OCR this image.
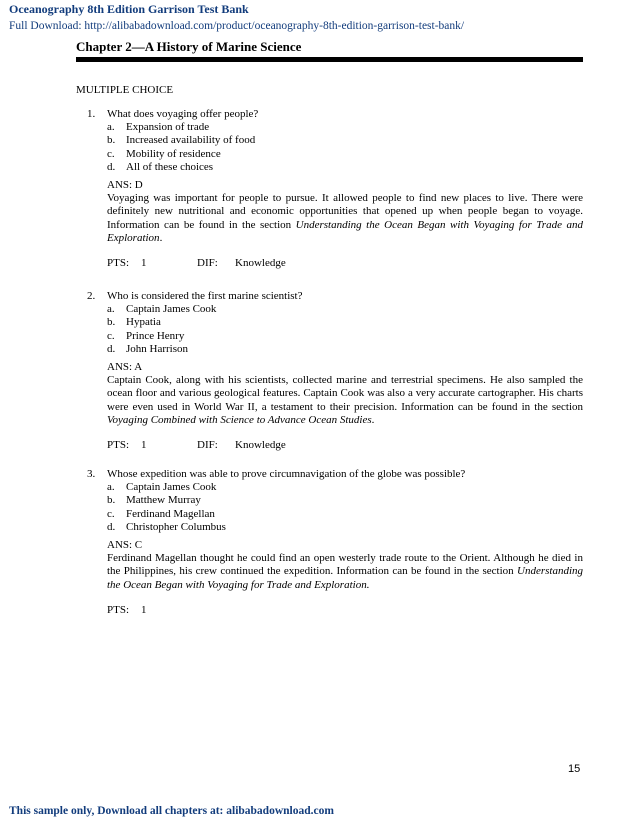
Oceanography 8th Edition Garrison Test Bank
Full Download: http://alibabadownload.com/product/oceanography-8th-edition-garrison-test-bank/
Chapter 2—A History of Marine Science
MULTIPLE CHOICE
1.	What does voyaging offer people?
a.	Expansion of trade
b. Increased availability of food
c.	Mobility of residence
d. All of these choices
ANS: D
Voyaging was important for people to pursue. It allowed people to find new places to live. There were definitely new nutritional and economic opportunities that opened up when people began to voyage. Information can be found in the section Understanding the Ocean Began with Voyaging for Trade and Exploration.
PTS:	1	DIF:	Knowledge
2.	Who is considered the first marine scientist?
a.	Captain James Cook
b. Hypatia
c.	Prince Henry
d. John Harrison
ANS: A
Captain Cook, along with his scientists, collected marine and terrestrial specimens. He also sampled the ocean floor and various geological features. Captain Cook was also a very accurate cartographer. His charts were even used in World War II, a testament to their precision. Information can be found in the section Voyaging Combined with Science to Advance Ocean Studies.
PTS:	1	DIF:	Knowledge
3.	Whose expedition was able to prove circumnavigation of the globe was possible?
a.	Captain James Cook
b. Matthew Murray
c.	Ferdinand Magellan
d. Christopher Columbus
ANS: C
Ferdinand Magellan thought he could find an open westerly trade route to the Orient. Although he died in the Philippines, his crew continued the expedition. Information can be found in the section Understanding the Ocean Began with Voyaging for Trade and Exploration.
PTS:	1
15
This sample only, Download all chapters at: alibabadownload.com
